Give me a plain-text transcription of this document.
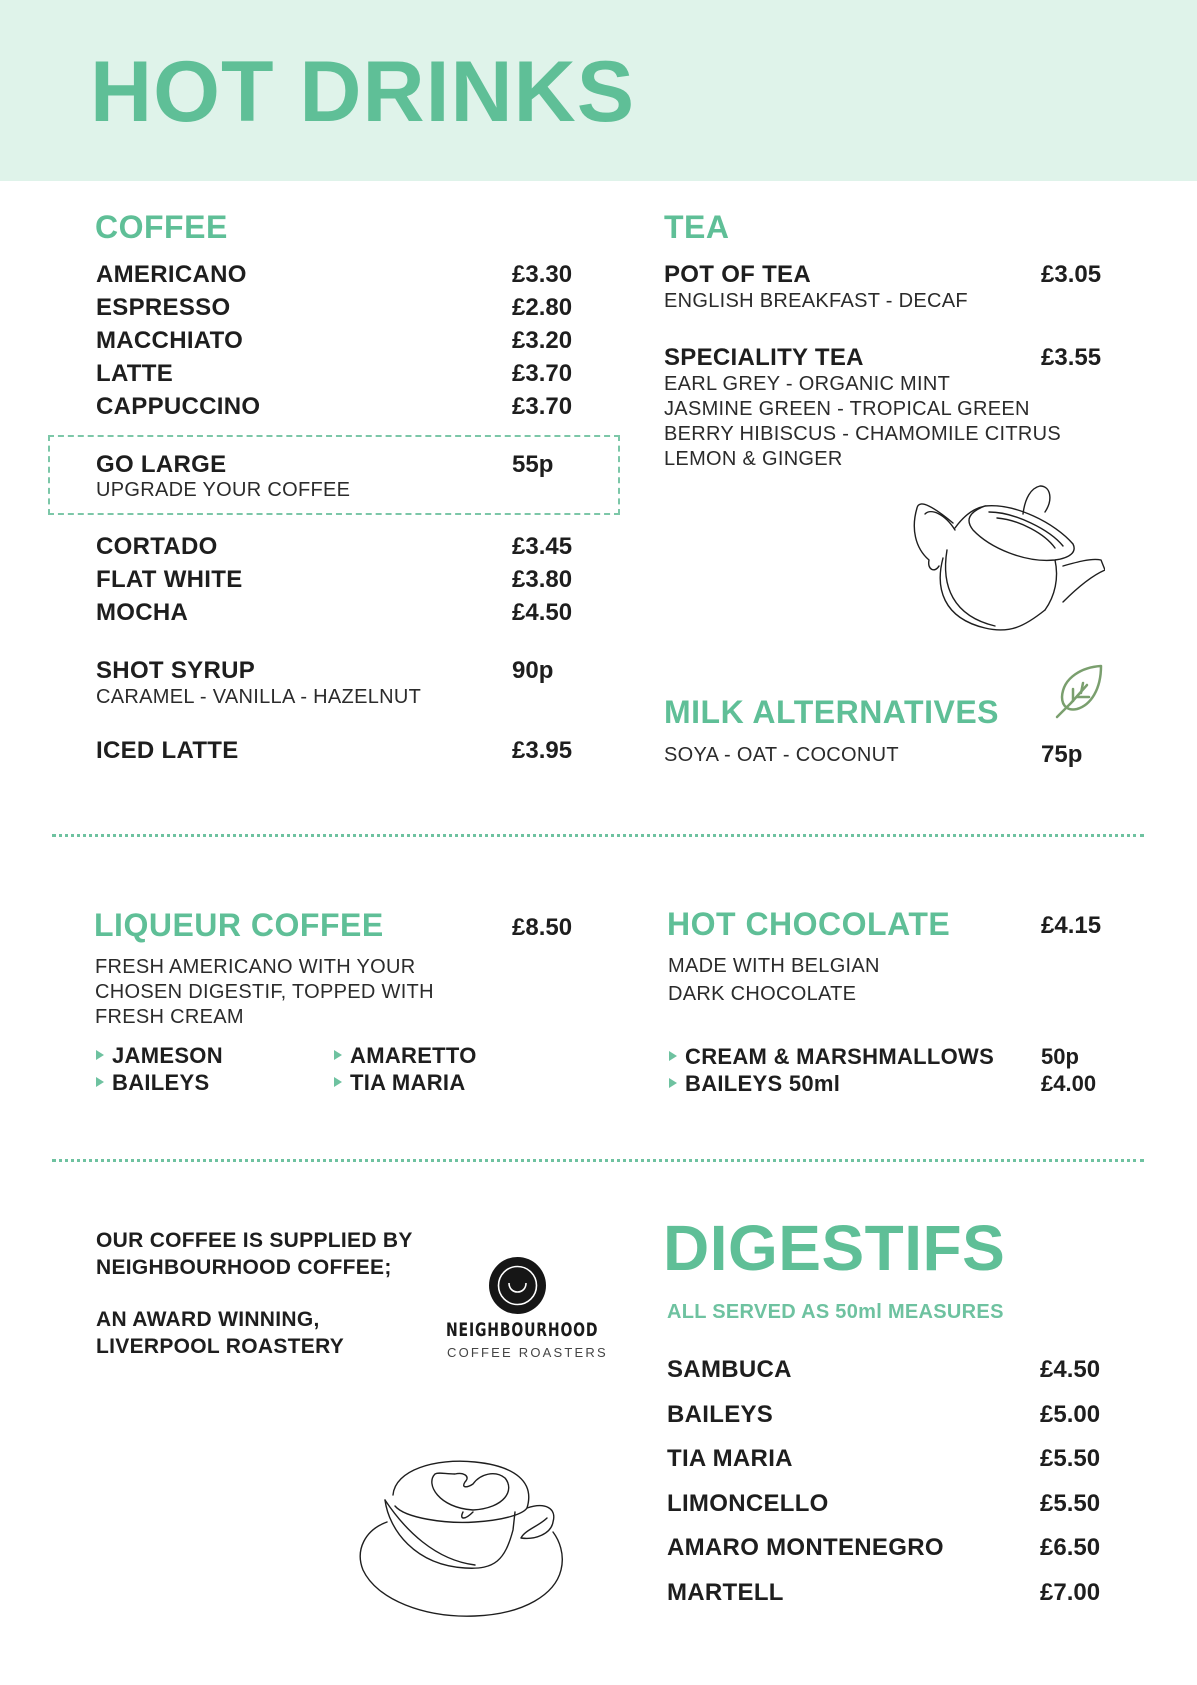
HOT DRINKS
COFFEE
AMERICANO	£3.30
ESPRESSO	£2.80
MACCHIATO	£3.20
LATTE	£3.70
CAPPUCCINO	£3.70
GO LARGE	55p
UPGRADE YOUR COFFEE
CORTADO	£3.45
FLAT WHITE	£3.80
MOCHA	£4.50
SHOT SYRUP	90p
CARAMEL - VANILLA - HAZELNUT
ICED LATTE	£3.95
TEA
POT OF TEA	£3.05
ENGLISH BREAKFAST - DECAF
SPECIALITY TEA	£3.55
EARL GREY - ORGANIC MINT
JASMINE GREEN - TROPICAL GREEN
BERRY HIBISCUS - CHAMOMILE CITRUS
LEMON & GINGER
MILK ALTERNATIVES
SOYA - OAT - COCONUT	75p
LIQUEUR COFFEE	£8.50
FRESH AMERICANO WITH YOUR
CHOSEN DIGESTIF, TOPPED WITH
FRESH CREAM
JAMESON
BAILEYS
AMARETTO
TIA MARIA
HOT CHOCOLATE	£4.15
MADE WITH BELGIAN
DARK CHOCOLATE
CREAM & MARSHMALLOWS 50p
BAILEYS 50ml	£4.00
OUR COFFEE IS SUPPLIED BY
NEIGHBOURHOOD COFFEE;
AN AWARD WINNING,
LIVERPOOL ROASTERY
NEIGHBOURHOOD
COFFEE ROASTERS
DIGESTIFS
ALL SERVED AS 50ml MEASURES
SAMBUCA	£4.50
BAILEYS	£5.00
TIA MARIA	£5.50
LIMONCELLO	£5.50
AMARO MONTENEGRO	£6.50
MARTELL	£7.00
